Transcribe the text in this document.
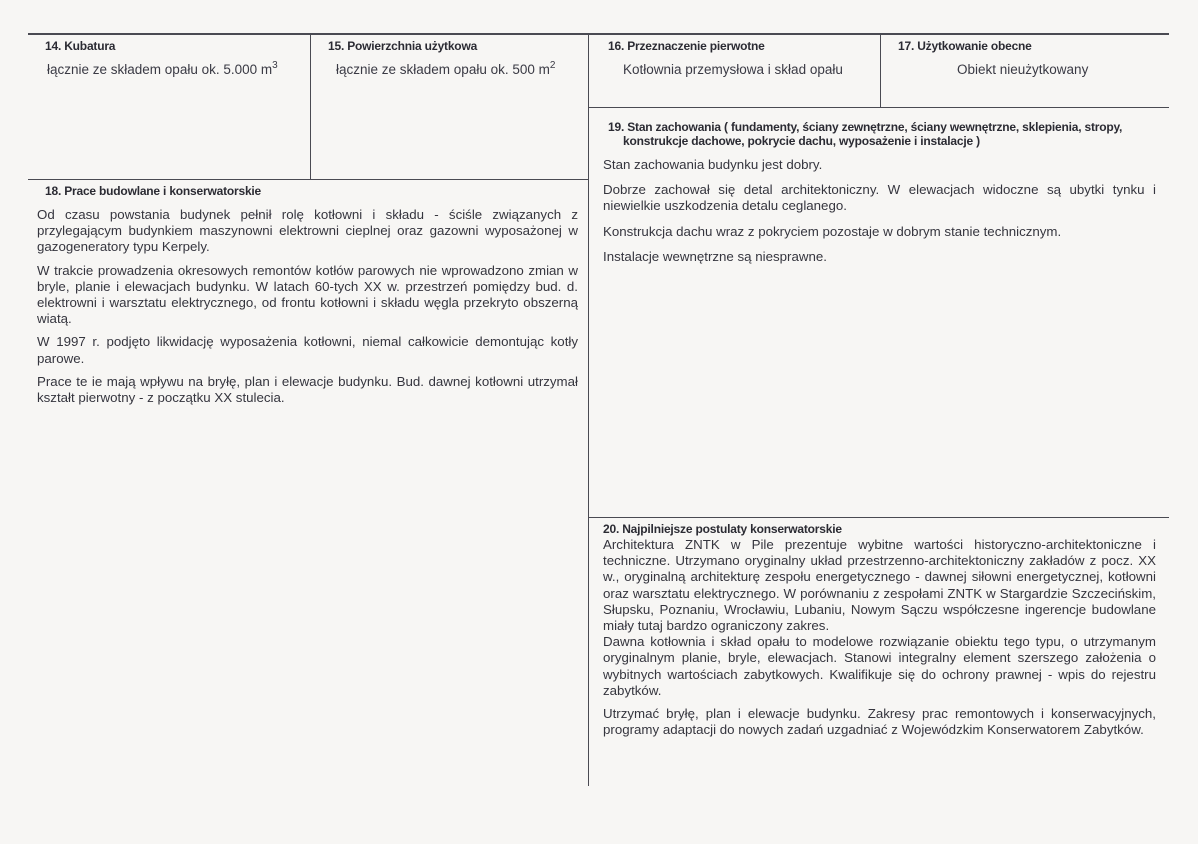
14. Kubatura
łącznie ze składem opału ok. 5.000 $m^3$
15. Powierzchnia użytkowa
łącznie ze składem opału ok. 500 $m^2$
16. Przeznaczenie pierwotne
Kotłownia przemysłowa i skład opału
17. Użytkowanie obecne
Obiekt nieużytkowany
18. Prace budowlane i konserwatorskie

Od czasu powstania budynek pełnił rolę kotłowni i składu - ściśle związanych z przylegającym budynkiem maszynowni elektrowni cieplnej oraz gazowni wyposażonej w gazogeneratory typu Kerpely.

W trakcie prowadzenia okresowych remontów kotłów parowych nie wprowadzono zmian w bryle, planie i elewacjach budynku. W latach 60-tych XX w. przestrzeń pomiędzy bud. d. elektrowni i warsztatu elektrycznego, od frontu kotłowni i składu węgla przekryto obszerną wiatą.

W 1997 r. podjęto likwidację wyposażenia kotłowni, niemal całkowicie demontując kotły parowe.

Prace te ie mają wpływu na bryłę, plan i elewacje budynku. Bud. dawnej kotłowni utrzymał kształt pierwotny - z początku XX stulecia.

19. Stan zachowania ( fundamenty, ściany zewnętrzne, ściany wewnętrzne, sklepienia, stropy,
konstrukcje dachowe, pokrycie dachu, wyposażenie i instalacje )

Stan zachowania budynku jest dobry.

Dobrze zachował się detal architektoniczny. W elewacjach widoczne są ubytki tynku i niewielkie uszkodzenia detalu ceglanego.

Konstrukcja dachu wraz z pokryciem pozostaje w dobrym stanie technicznym.

Instalacje wewnętrzne są niesprawne.

20. Najpilniejsze postulaty konserwatorskie

Architektura ZNTK w Pile prezentuje wybitne wartości historyczno-architektoniczne i techniczne. Utrzymano oryginalny układ przestrzenno-architektoniczny zakładów z pocz. XX w., oryginalną architekturę zespołu energetycznego - dawnej siłowni energetycznej, kotłowni oraz warsztatu elektrycznego. W porównaniu z zespołami ZNTK w Stargardzie Szczecińskim, Słupsku, Poznaniu, Wrocławiu, Lubaniu, Nowym Sączu współczesne ingerencje budowlane miały tutaj bardzo ograniczony zakres.

Dawna kotłownia i skład opału to modelowe rozwiązanie obiektu tego typu, o utrzymanym oryginalnym planie, bryle, elewacjach. Stanowi integralny element szerszego założenia o wybitnych wartościach zabytkowych. Kwalifikuje się do ochrony prawnej - wpis do rejestru zabytków.

Utrzymać bryłę, plan i elewacje budynku. Zakresy prac remontowych i konserwacyjnych, programy adaptacji do nowych zadań uzgadniać z Wojewódzkim Konserwatorem Zabytków.
